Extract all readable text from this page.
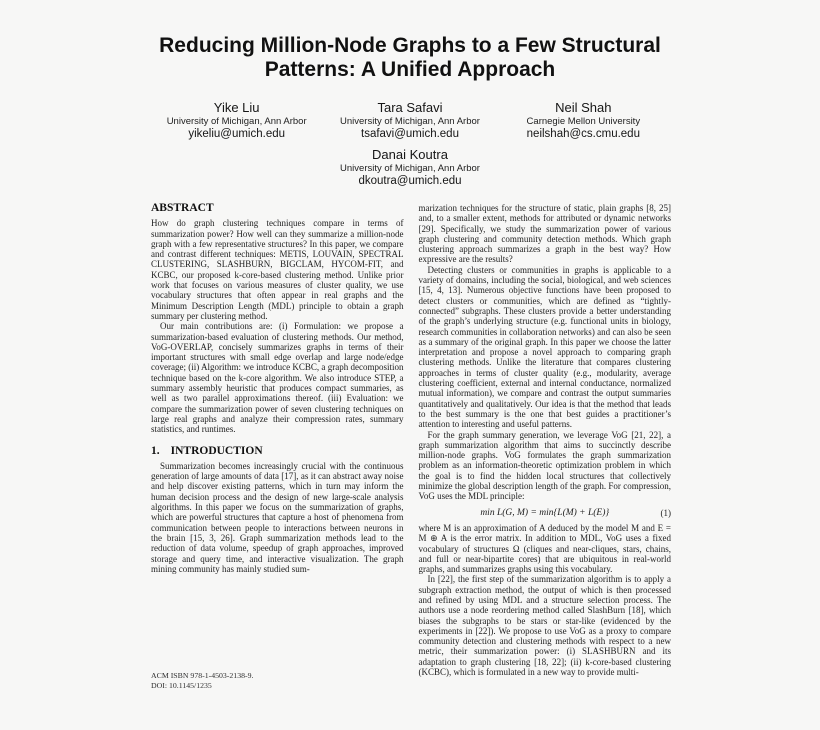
Reducing Million-Node Graphs to a Few Structural
Patterns: A Unified Approach
Yike Liu
University of Michigan, Ann Arbor
yikeliu@umich.edu
Tara Safavi
University of Michigan, Ann Arbor
tsafavi@umich.edu
Neil Shah
Carnegie Mellon University
neilshah@cs.cmu.edu
Danai Koutra
University of Michigan, Ann Arbor
dkoutra@umich.edu
ABSTRACT

How do graph clustering techniques compare in terms of summarization power? How well can they summarize a million-node graph with a few representative structures? In this paper, we compare and contrast different techniques: METIS, LOUVAIN, SPECTRAL CLUSTERING, SLASHBURN, BIGCLAM, HYCOM-FIT, and KCBC, our proposed k-core-based clustering method. Unlike prior work that focuses on various measures of cluster quality, we use vocabulary structures that often appear in real graphs and the Minimum Description Length (MDL) principle to obtain a graph summary per clustering method.

Our main contributions are: (i) Formulation: we propose a summarization-based evaluation of clustering methods. Our method, VoG-OVERLAP, concisely summarizes graphs in terms of their important structures with small edge overlap and large node/edge coverage; (ii) Algorithm: we introduce KCBC, a graph decomposition technique based on the k-core algorithm. We also introduce STEP, a summary assembly heuristic that produces compact summaries, as well as two parallel approximations thereof. (iii) Evaluation: we compare the summarization power of seven clustering techniques on large real graphs and analyze their compression rates, summary statistics, and runtimes.

1. INTRODUCTION

Summarization becomes increasingly crucial with the continuous generation of large amounts of data [17], as it can abstract away noise and help discover existing patterns, which in turn may inform the human decision process and the design of new large-scale analysis algorithms. In this paper we focus on the summarization of graphs, which are powerful structures that capture a host of phenomena from communication between people to interactions between neurons in the brain [15, 3, 26]. Graph summarization methods lead to the reduction of data volume, speedup of graph approaches, improved storage and query time, and interactive visualization. The graph mining community has mainly studied sum-

marization techniques for the structure of static, plain graphs [8, 25] and, to a smaller extent, methods for attributed or dynamic networks [29]. Specifically, we study the summarization power of various graph clustering and community detection methods. Which graph clustering approach summarizes a graph in the best way? How expressive are the results?

Detecting clusters or communities in graphs is applicable to a variety of domains, including the social, biological, and web sciences [15, 4, 13]. Numerous objective functions have been proposed to detect clusters or communities, which are defined as “tightly-connected” subgraphs. These clusters provide a better understanding of the graph’s underlying structure (e.g. functional units in biology, research communities in collaboration networks) and can also be seen as a summary of the original graph. In this paper we choose the latter interpretation and propose a novel approach to comparing graph clustering methods. Unlike the literature that compares clustering approaches in terms of cluster quality (e.g., modularity, average clustering coefficient, external and internal conductance, normalized mutual information), we compare and contrast the output summaries quantitatively and qualitatively. Our idea is that the method that leads to the best summary is the one that best guides a practitioner’s attention to interesting and useful patterns.

For the graph summary generation, we leverage VoG [21, 22], a graph summarization algorithm that aims to succinctly describe million-node graphs. VoG formulates the graph summarization problem as an information-theoretic optimization problem in which the goal is to find the hidden local structures that collectively minimize the global description length of the graph. For compression, VoG uses the MDL principle:

min L(G, M) = min{L(M) + L(E)}	(1)

where M is an approximation of A deduced by the model M and E = M ⊕ A is the error matrix. In addition to MDL, VoG uses a fixed vocabulary of structures Ω (cliques and near-cliques, stars, chains, and full or near-bipartite cores) that are ubiquitous in real-world graphs, and summarizes graphs using this vocabulary.

In [22], the first step of the summarization algorithm is to apply a subgraph extraction method, the output of which is then processed and refined by using MDL and a structure selection process. The authors use a node reordering method called SlashBurn [18], which biases the subgraphs to be stars or star-like (evidenced by the experiments in [22]). We propose to use VoG as a proxy to compare community detection and clustering methods with respect to a new metric, their summarization power: (i) SLASHBURN and its adaptation to graph clustering [18, 22]; (ii) k-core-based clustering (KCBC), which is formulated in a new way to provide multi-

ACM ISBN 978-1-4503-2138-9.
DOI: 10.1145/1235
